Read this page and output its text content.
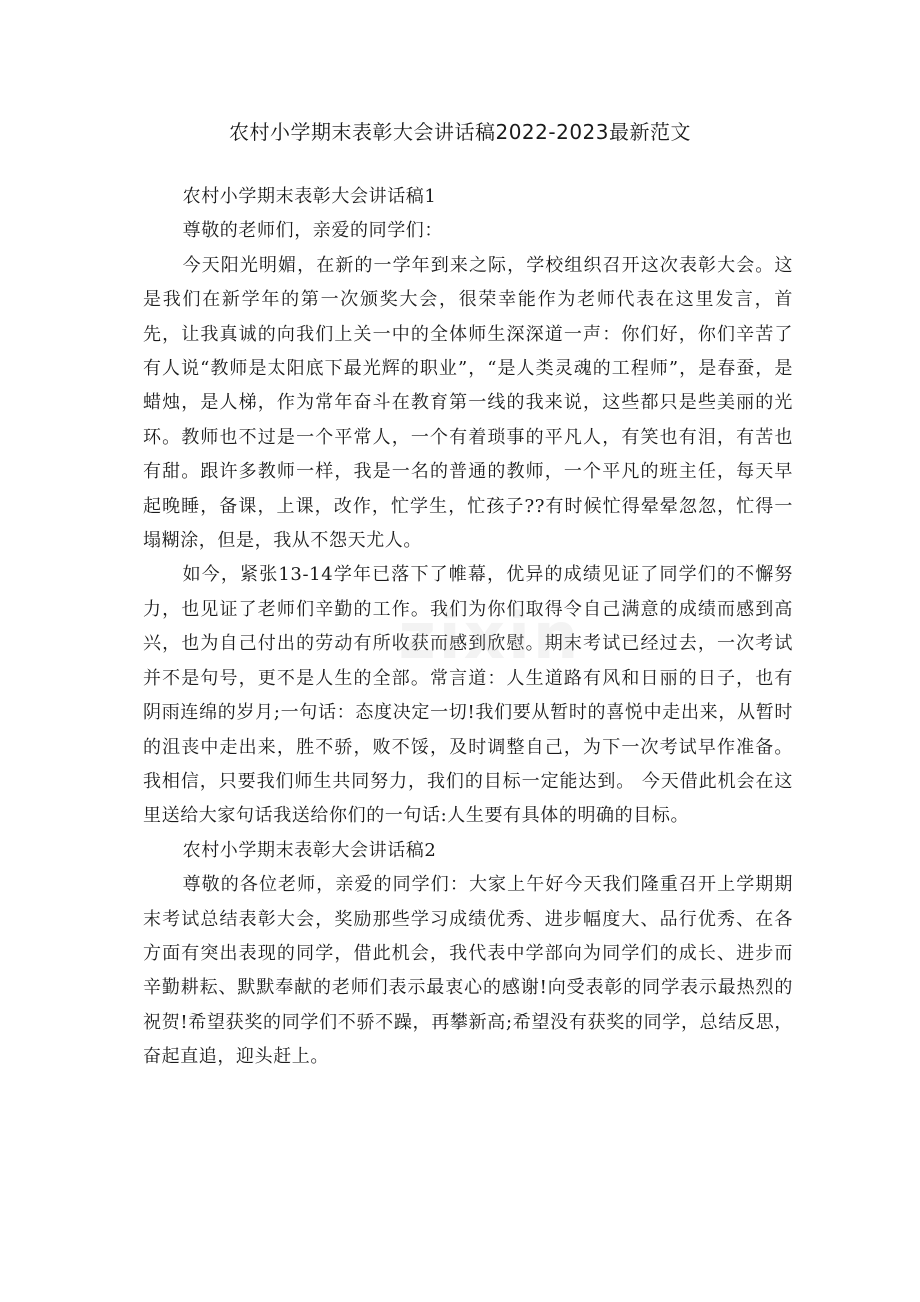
农村小学期末表彰大会讲话稿2022-2023最新范文

农村小学期末表彰大会讲话稿1

尊敬的老师们，亲爱的同学们：

今天阳光明媚，在新的一学年到来之际，学校组织召开这次表彰大会。这是我们在新学年的第一次颁奖大会，很荣幸能作为老师代表在这里发言，首先，让我真诚的向我们上关一中的全体师生深深道一声：你们好，你们辛苦了有人说“教师是太阳底下最光辉的职业”，“是人类灵魂的工程师”，是春蚕，是蜡烛，是人梯，作为常年奋斗在教育第一线的我来说，这些都只是些美丽的光环。教师也不过是一个平常人，一个有着琐事的平凡人，有笑也有泪，有苦也有甜。跟许多教师一样，我是一名的普通的教师，一个平凡的班主任，每天早起晚睡，备课，上课，改作，忙学生，忙孩子??有时候忙得晕晕忽忽，忙得一塌糊涂，但是，我从不怨天尤人。

如今，紧张13-14学年已落下了帷幕，优异的成绩见证了同学们的不懈努力，也见证了老师们辛勤的工作。我们为你们取得令自己满意的成绩而感到高兴，也为自己付出的劳动有所收获而感到欣慰。期末考试已经过去，一次考试并不是句号，更不是人生的全部。常言道：人生道路有风和日丽的日子，也有阴雨连绵的岁月;一句话：态度决定一切!我们要从暂时的喜悦中走出来，从暂时的沮丧中走出来，胜不骄，败不馁，及时调整自己，为下一次考试早作准备。我相信，只要我们师生共同努力，我们的目标一定能达到。 今天借此机会在这里送给大家句话我送给你们的一句话:人生要有具体的明确的目标。

农村小学期末表彰大会讲话稿2

尊敬的各位老师，亲爱的同学们：大家上午好今天我们隆重召开上学期期末考试总结表彰大会，奖励那些学习成绩优秀、进步幅度大、品行优秀、在各方面有突出表现的同学，借此机会，我代表中学部向为同学们的成长、进步而辛勤耕耘、默默奉献的老师们表示最衷心的感谢!向受表彰的同学表示最热烈的祝贺!希望获奖的同学们不骄不躁，再攀新高;希望没有获奖的同学，总结反思，奋起直追，迎头赶上。

zixin
